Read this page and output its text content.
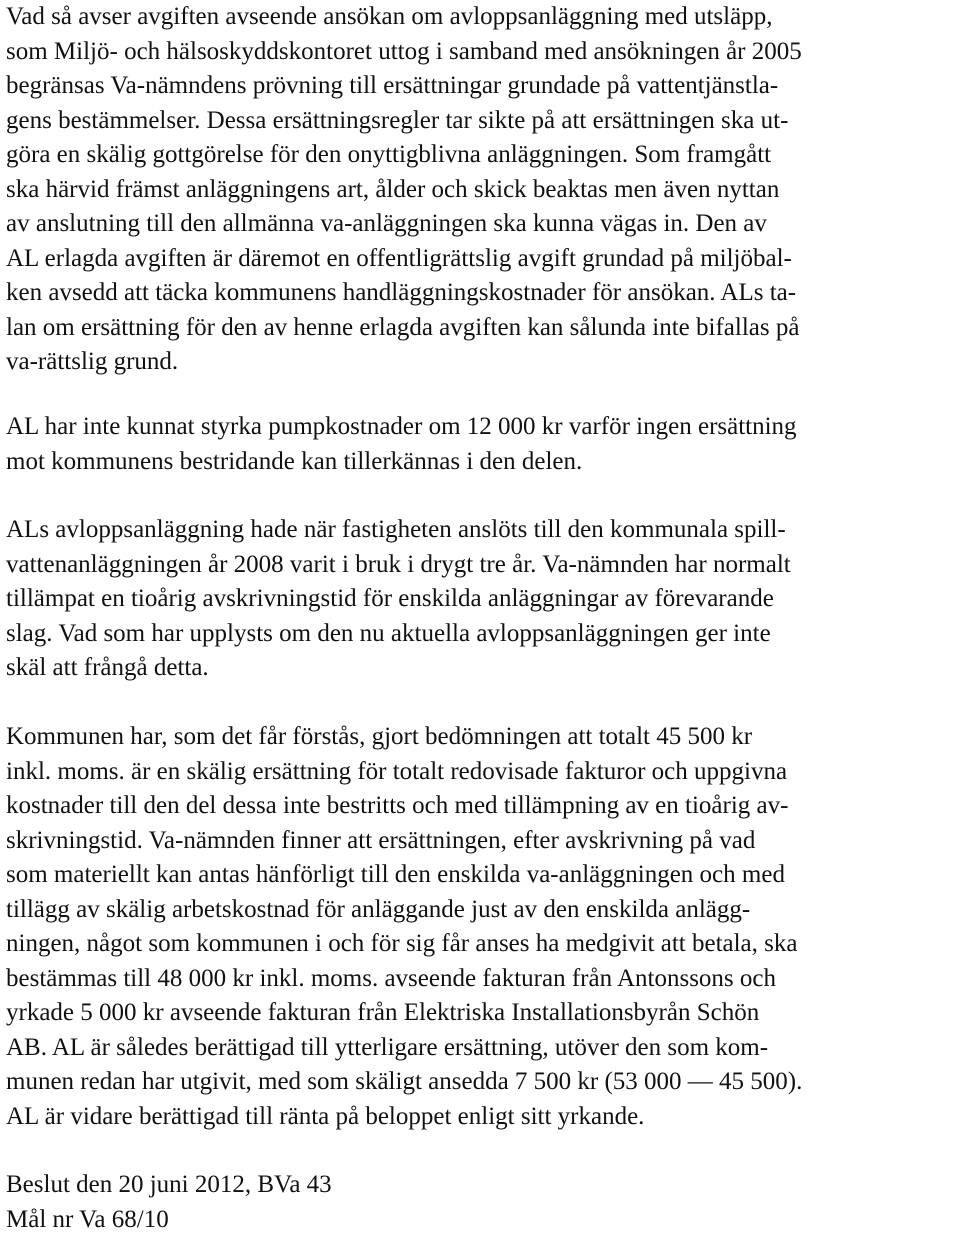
Vad så avser avgiften avseende ansökan om avloppsanläggning med utsläpp,
som Miljö- och hälsoskyddskontoret uttog i samband med ansökningen år 2005
begränsas Va-nämndens prövning till ersättningar grundade på vattentjänstla-
gens bestämmelser. Dessa ersättningsregler tar sikte på att ersättningen ska ut-
göra en skälig gottgörelse för den onyttigblivna anläggningen. Som framgått
ska härvid främst anläggningens art, ålder och skick beaktas men även nyttan
av anslutning till den allmänna va-anläggningen ska kunna vägas in. Den av
AL erlagda avgiften är däremot en offentligrättslig avgift grundad på miljöbal-
ken avsedd att täcka kommunens handläggningskostnader för ansökan. ALs ta-
lan om ersättning för den av henne erlagda avgiften kan sålunda inte bifallas på
va-rättslig grund.

AL har inte kunnat styrka pumpkostnader om 12 000 kr varför ingen ersättning
mot kommunens bestridande kan tillerkännas i den delen.

ALs avloppsanläggning hade när fastigheten anslöts till den kommunala spill-
vattenanläggningen år 2008 varit i bruk i drygt tre år. Va-nämnden har normalt
tillämpat en tioårig avskrivningstid för enskilda anläggningar av förevarande
slag. Vad som har upplysts om den nu aktuella avloppsanläggningen ger inte
skäl att frångå detta.

Kommunen har, som det får förstås, gjort bedömningen att totalt 45 500 kr
inkl. moms. är en skälig ersättning för totalt redovisade fakturor och uppgivna
kostnader till den del dessa inte bestritts och med tillämpning av en tioårig av-
skrivningstid. Va-nämnden finner att ersättningen, efter avskrivning på vad
som materiellt kan antas hänförligt till den enskilda va-anläggningen och med
tillägg av skälig arbetskostnad för anläggande just av den enskilda anlägg-
ningen, något som kommunen i och för sig får anses ha medgivit att betala, ska
bestämmas till 48 000 kr inkl. moms. avseende fakturan från Antonssons och
yrkade 5 000 kr avseende fakturan från Elektriska Installationsbyrån Schön
AB. AL är således berättigad till ytterligare ersättning, utöver den som kom-
munen redan har utgivit, med som skäligt ansedda 7 500 kr (53 000 — 45 500).
AL är vidare berättigad till ränta på beloppet enligt sitt yrkande.

Beslut den 20 juni 2012, BVa 43
Mål nr Va 68/10
